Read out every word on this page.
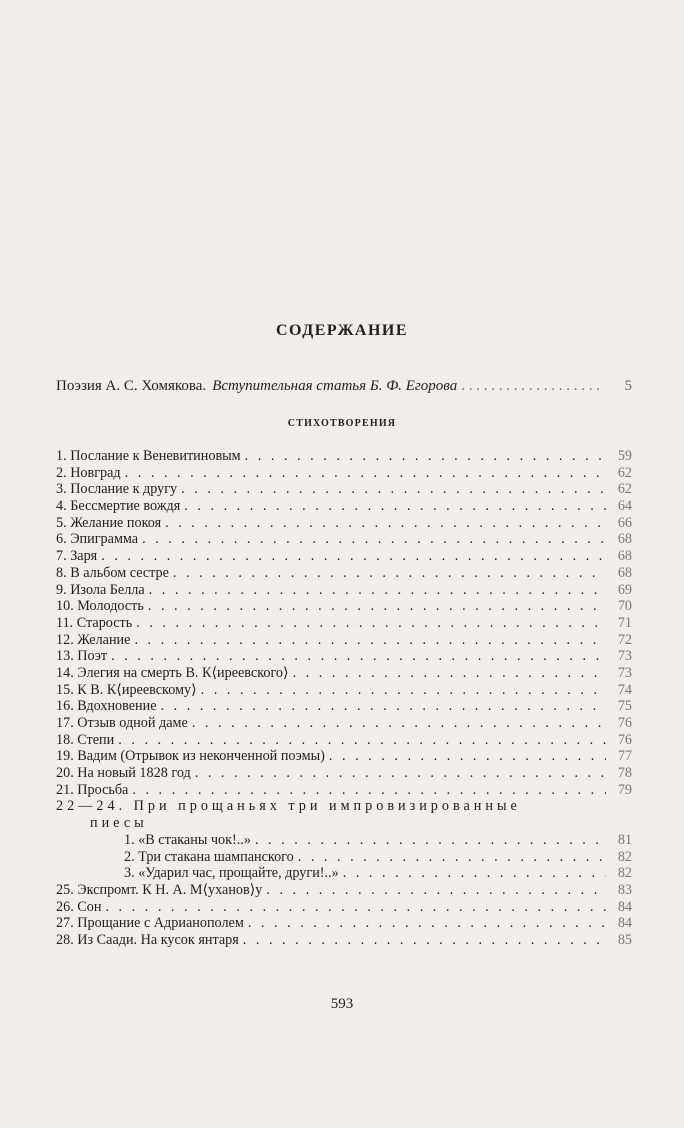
СОДЕРЖАНИЕ
Поэзия А. С. Хомякова. Вступительная статья Б. Ф. Егорова . . .	5
СТИХОТВОРЕНИЯ
1. Послание к Веневитиновым . . .	59
2. Новград . . .	62
3. Послание к другу . . .	62
4. Бессмертие вождя . . .	64
5. Желание покоя . . .	66
6. Эпиграмма . . .	68
7. Заря . . .	68
8. В альбом сестре . . .	68
9. Изола Белла . . .	69
10. Молодость . . .	70
11. Старость . . .	71
12. Желание . . .	72
13. Поэт . . .	73
14. Элегия на смерть В. К⟨иреевского⟩ . . .	73
15. К В. К⟨иреевскому⟩ . . .	74
16. Вдохновение . . .	75
17. Отзыв одной даме . . .	76
18. Степи . . .	76
19. Вадим (Отрывок из неконченной поэмы) . . .	77
20. На новый 1828 год . . .	78
21. Просьба . . .	79
22—24. При прощаньях три импровизированные
пиесы
1. «В стаканы чок!..» . . .	81
2. Три стакана шампанского . . .	82
3. «Ударил час, прощайте, други!..» . . .	82
25. Экспромт. К Н. А. М⟨уханов⟩у . . .	83
26. Сон . . .	84
27. Прощание с Адрианополем . . .	84
28. Из Саади. На кусок янтаря . . .	85
593
